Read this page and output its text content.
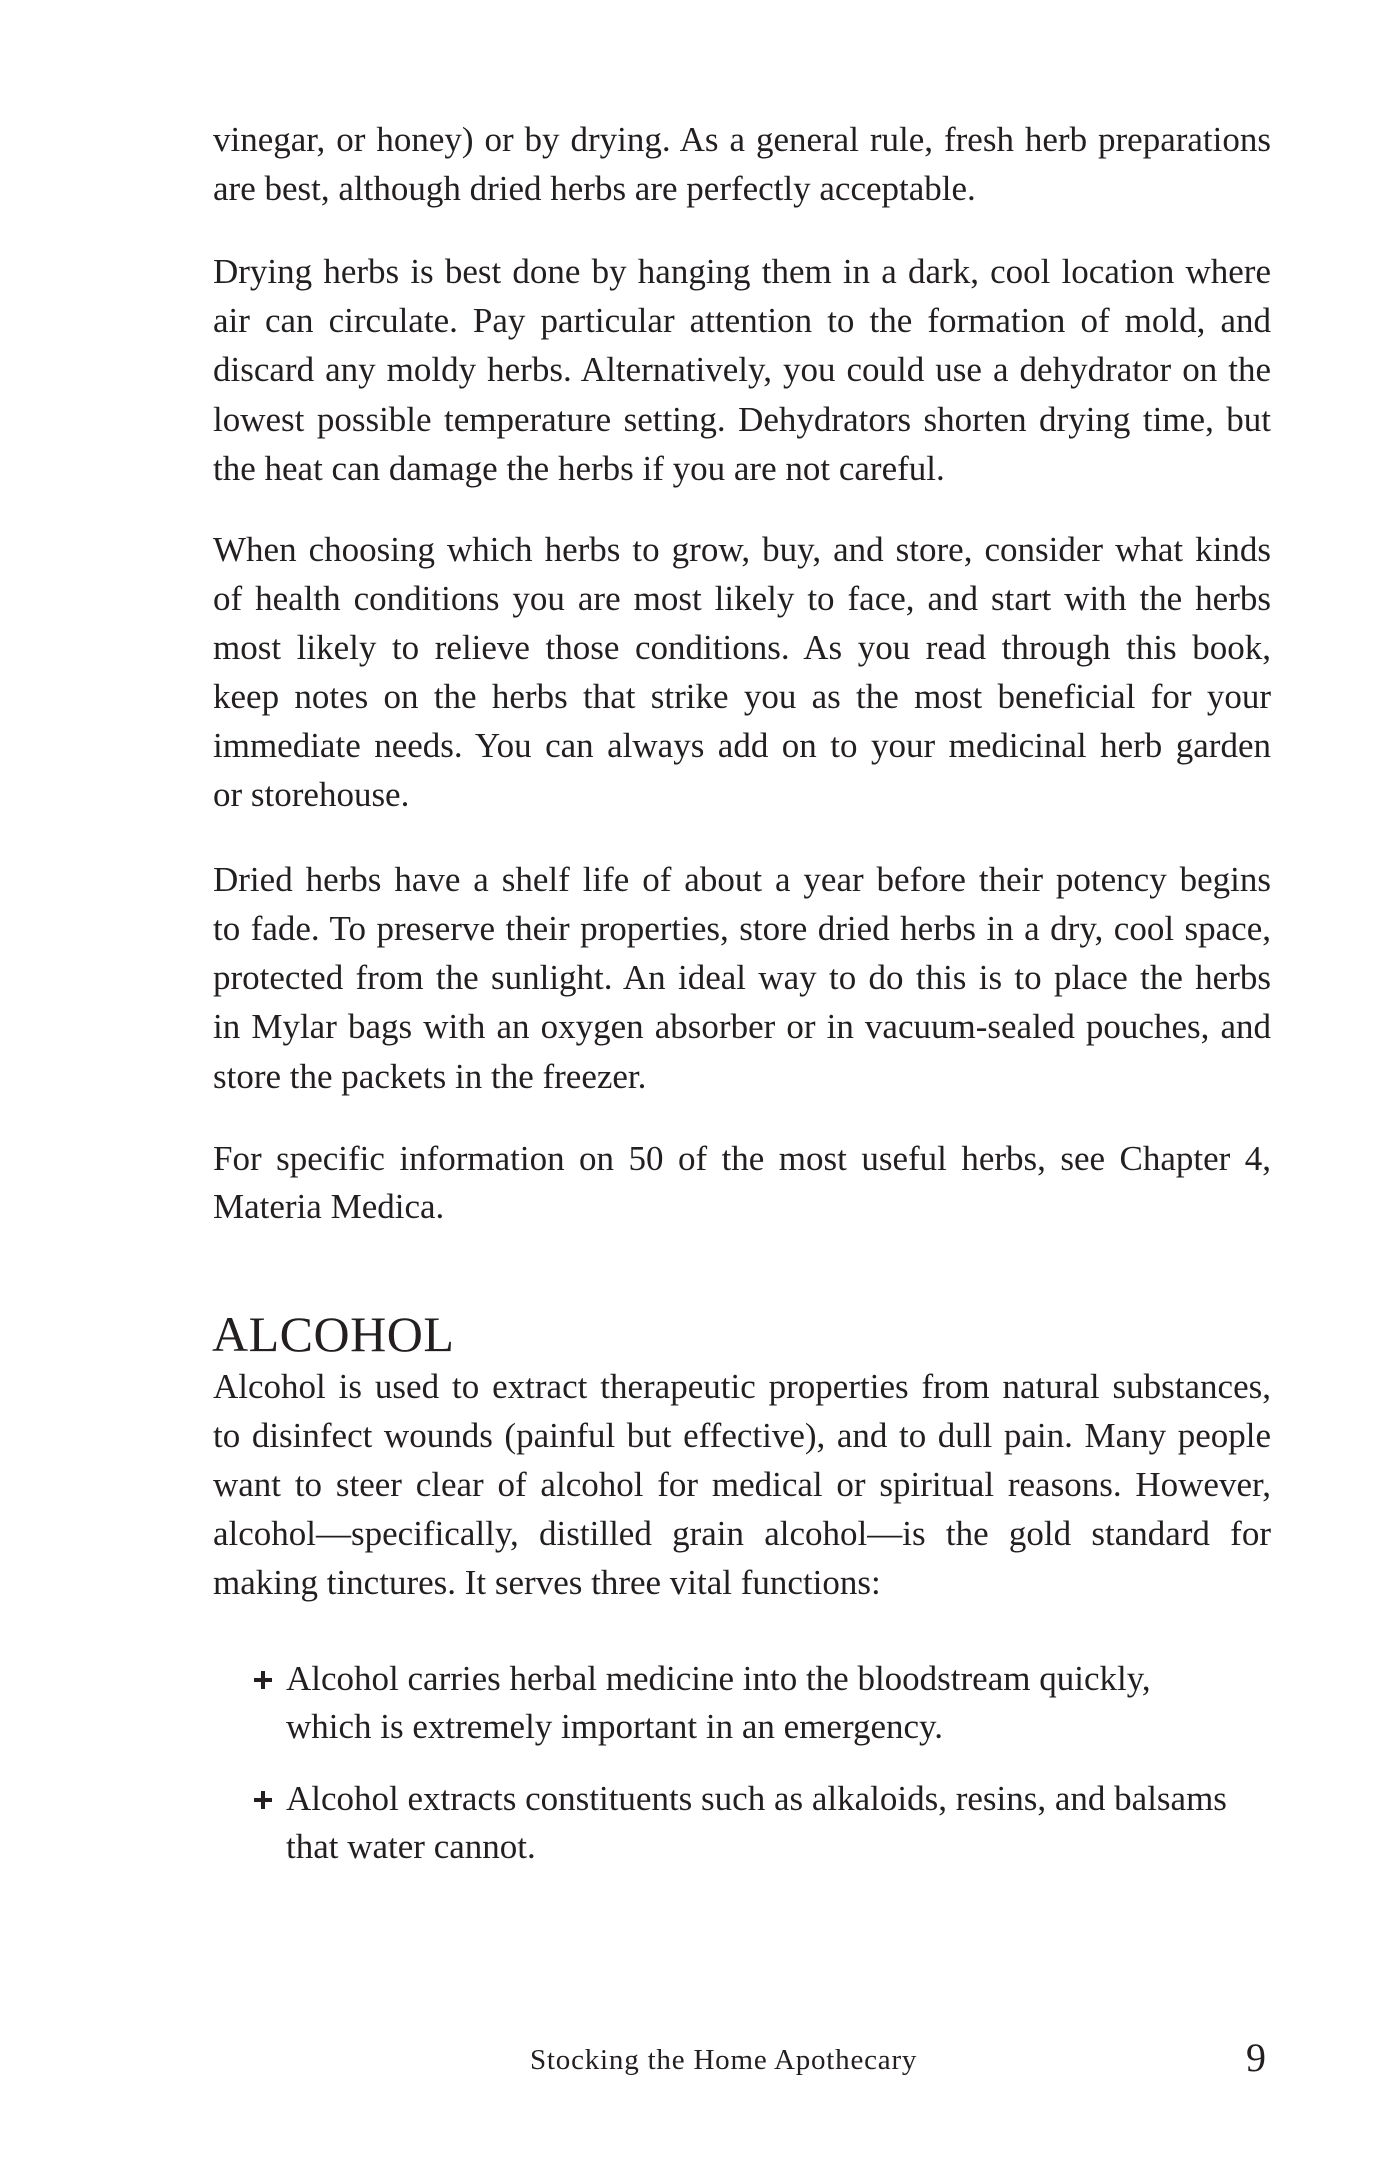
vinegar, or honey) or by drying. As a general rule, fresh herb preparations
are best, although dried herbs are perfectly acceptable.
Drying herbs is best done by hanging them in a dark, cool location where
air can circulate. Pay particular attention to the formation of mold, and
discard any moldy herbs. Alternatively, you could use a dehydrator on the
lowest possible temperature setting. Dehydrators shorten drying time, but
the heat can damage the herbs if you are not careful.
When choosing which herbs to grow, buy, and store, consider what kinds
of health conditions you are most likely to face, and start with the herbs
most likely to relieve those conditions. As you read through this book,
keep notes on the herbs that strike you as the most beneficial for your
immediate needs. You can always add on to your medicinal herb garden
or storehouse.
Dried herbs have a shelf life of about a year before their potency begins
to fade. To preserve their properties, store dried herbs in a dry, cool space,
protected from the sunlight. An ideal way to do this is to place the herbs
in Mylar bags with an oxygen absorber or in vacuum-sealed pouches, and
store the packets in the freezer.
For specific information on 50 of the most useful herbs, see Chapter 4,
Materia Medica.
ALCOHOL
Alcohol is used to extract therapeutic properties from natural substances,
to disinfect wounds (painful but effective), and to dull pain. Many people
want to steer clear of alcohol for medical or spiritual reasons. However,
alcohol—specifically, distilled grain alcohol—is the gold standard for
making tinctures. It serves three vital functions:
Alcohol carries herbal medicine into the bloodstream quickly,
which is extremely important in an emergency.
Alcohol extracts constituents such as alkaloids, resins, and balsams
that water cannot.
Stocking the Home Apothecary	9
